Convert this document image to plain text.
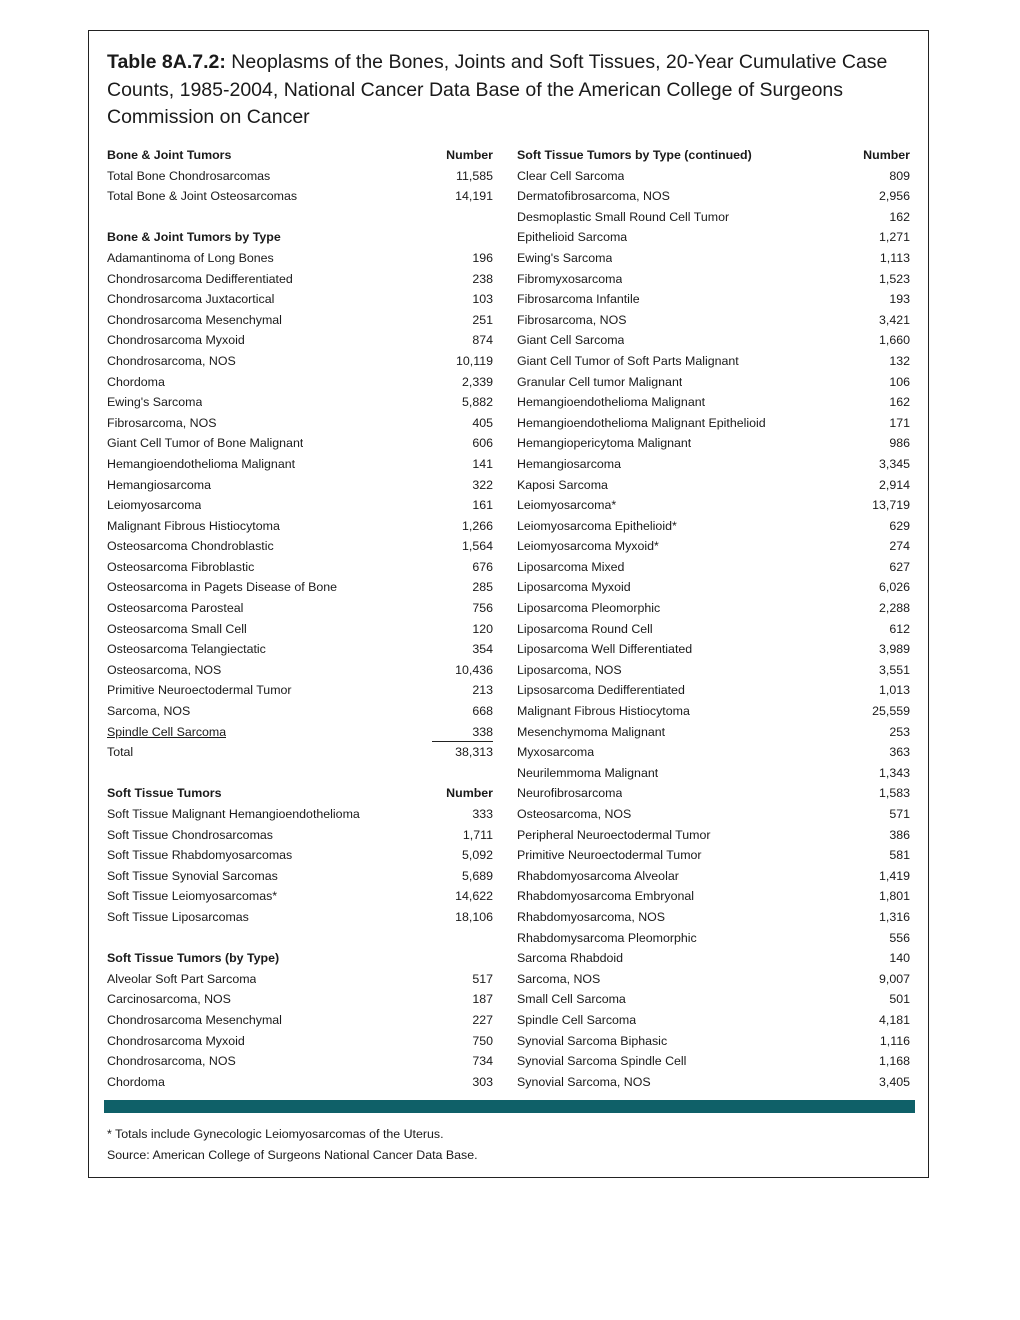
Table 8A.7.2: Neoplasms of the Bones, Joints and Soft Tissues, 20-Year Cumulative Case Counts, 1985-2004, National Cancer Data Base of the American College of Surgeons Commission on Cancer
Bone & Joint Tumors	Number
Total Bone Chondrosarcomas	11,585
Total Bone & Joint Osteosarcomas	14,191
Bone & Joint Tumors by Type
Adamantinoma of Long Bones	196
Chondrosarcoma Dedifferentiated	238
Chondrosarcoma Juxtacortical	103
Chondrosarcoma Mesenchymal	251
Chondrosarcoma Myxoid	874
Chondrosarcoma, NOS	10,119
Chordoma	2,339
Ewing's Sarcoma	5,882
Fibrosarcoma, NOS	405
Giant Cell Tumor of Bone Malignant	606
Hemangioendothelioma Malignant	141
Hemangiosarcoma	322
Leiomyosarcoma	161
Malignant Fibrous Histiocytoma	1,266
Osteosarcoma Chondroblastic	1,564
Osteosarcoma Fibroblastic	676
Osteosarcoma in Pagets Disease of Bone	285
Osteosarcoma Parosteal	756
Osteosarcoma Small Cell	120
Osteosarcoma Telangiectatic	354
Osteosarcoma, NOS	10,436
Primitive Neuroectodermal Tumor	213
Sarcoma, NOS	668
Spindle Cell Sarcoma	338
Total	38,313
Soft Tissue Tumors	Number
Soft Tissue Malignant Hemangioendothelioma	333
Soft Tissue Chondrosarcomas	1,711
Soft Tissue Rhabdomyosarcomas	5,092
Soft Tissue Synovial Sarcomas	5,689
Soft Tissue Leiomyosarcomas*	14,622
Soft Tissue Liposarcomas	18,106
Soft Tissue Tumors (by Type)
Alveolar Soft Part Sarcoma	517
Carcinosarcoma, NOS	187
Chondrosarcoma Mesenchymal	227
Chondrosarcoma Myxoid	750
Chondrosarcoma, NOS	734
Chordoma	303
Soft Tissue Tumors by Type (continued)	Number
Clear Cell Sarcoma	809
Dermatofibrosarcoma, NOS	2,956
Desmoplastic Small Round Cell Tumor	162
Epithelioid Sarcoma	1,271
Ewing's Sarcoma	1,113
Fibromyxosarcoma	1,523
Fibrosarcoma Infantile	193
Fibrosarcoma, NOS	3,421
Giant Cell Sarcoma	1,660
Giant Cell Tumor of Soft Parts Malignant	132
Granular Cell tumor Malignant	106
Hemangioendothelioma Malignant	162
Hemangioendothelioma Malignant Epithelioid	171
Hemangiopericytoma Malignant	986
Hemangiosarcoma	3,345
Kaposi Sarcoma	2,914
Leiomyosarcoma*	13,719
Leiomyosarcoma Epithelioid*	629
Leiomyosarcoma Myxoid*	274
Liposarcoma Mixed	627
Liposarcoma Myxoid	6,026
Liposarcoma Pleomorphic	2,288
Liposarcoma Round Cell	612
Liposarcoma Well Differentiated	3,989
Liposarcoma, NOS	3,551
Lipsosarcoma Dedifferentiated	1,013
Malignant Fibrous Histiocytoma	25,559
Mesenchymoma Malignant	253
Myxosarcoma	363
Neurilemmoma Malignant	1,343
Neurofibrosarcoma	1,583
Osteosarcoma, NOS	571
Peripheral Neuroectodermal Tumor	386
Primitive Neuroectodermal Tumor	581
Rhabdomyosarcoma Alveolar	1,419
Rhabdomyosarcoma Embryonal	1,801
Rhabdomyosarcoma, NOS	1,316
Rhabdomysarcoma Pleomorphic	556
Sarcoma Rhabdoid	140
Sarcoma, NOS	9,007
Small Cell Sarcoma	501
Spindle Cell Sarcoma	4,181
Synovial Sarcoma Biphasic	1,116
Synovial Sarcoma Spindle Cell	1,168
Synovial Sarcoma, NOS	3,405
* Totals include Gynecologic Leiomyosarcomas of the Uterus.
Source: American College of Surgeons National Cancer Data Base.
